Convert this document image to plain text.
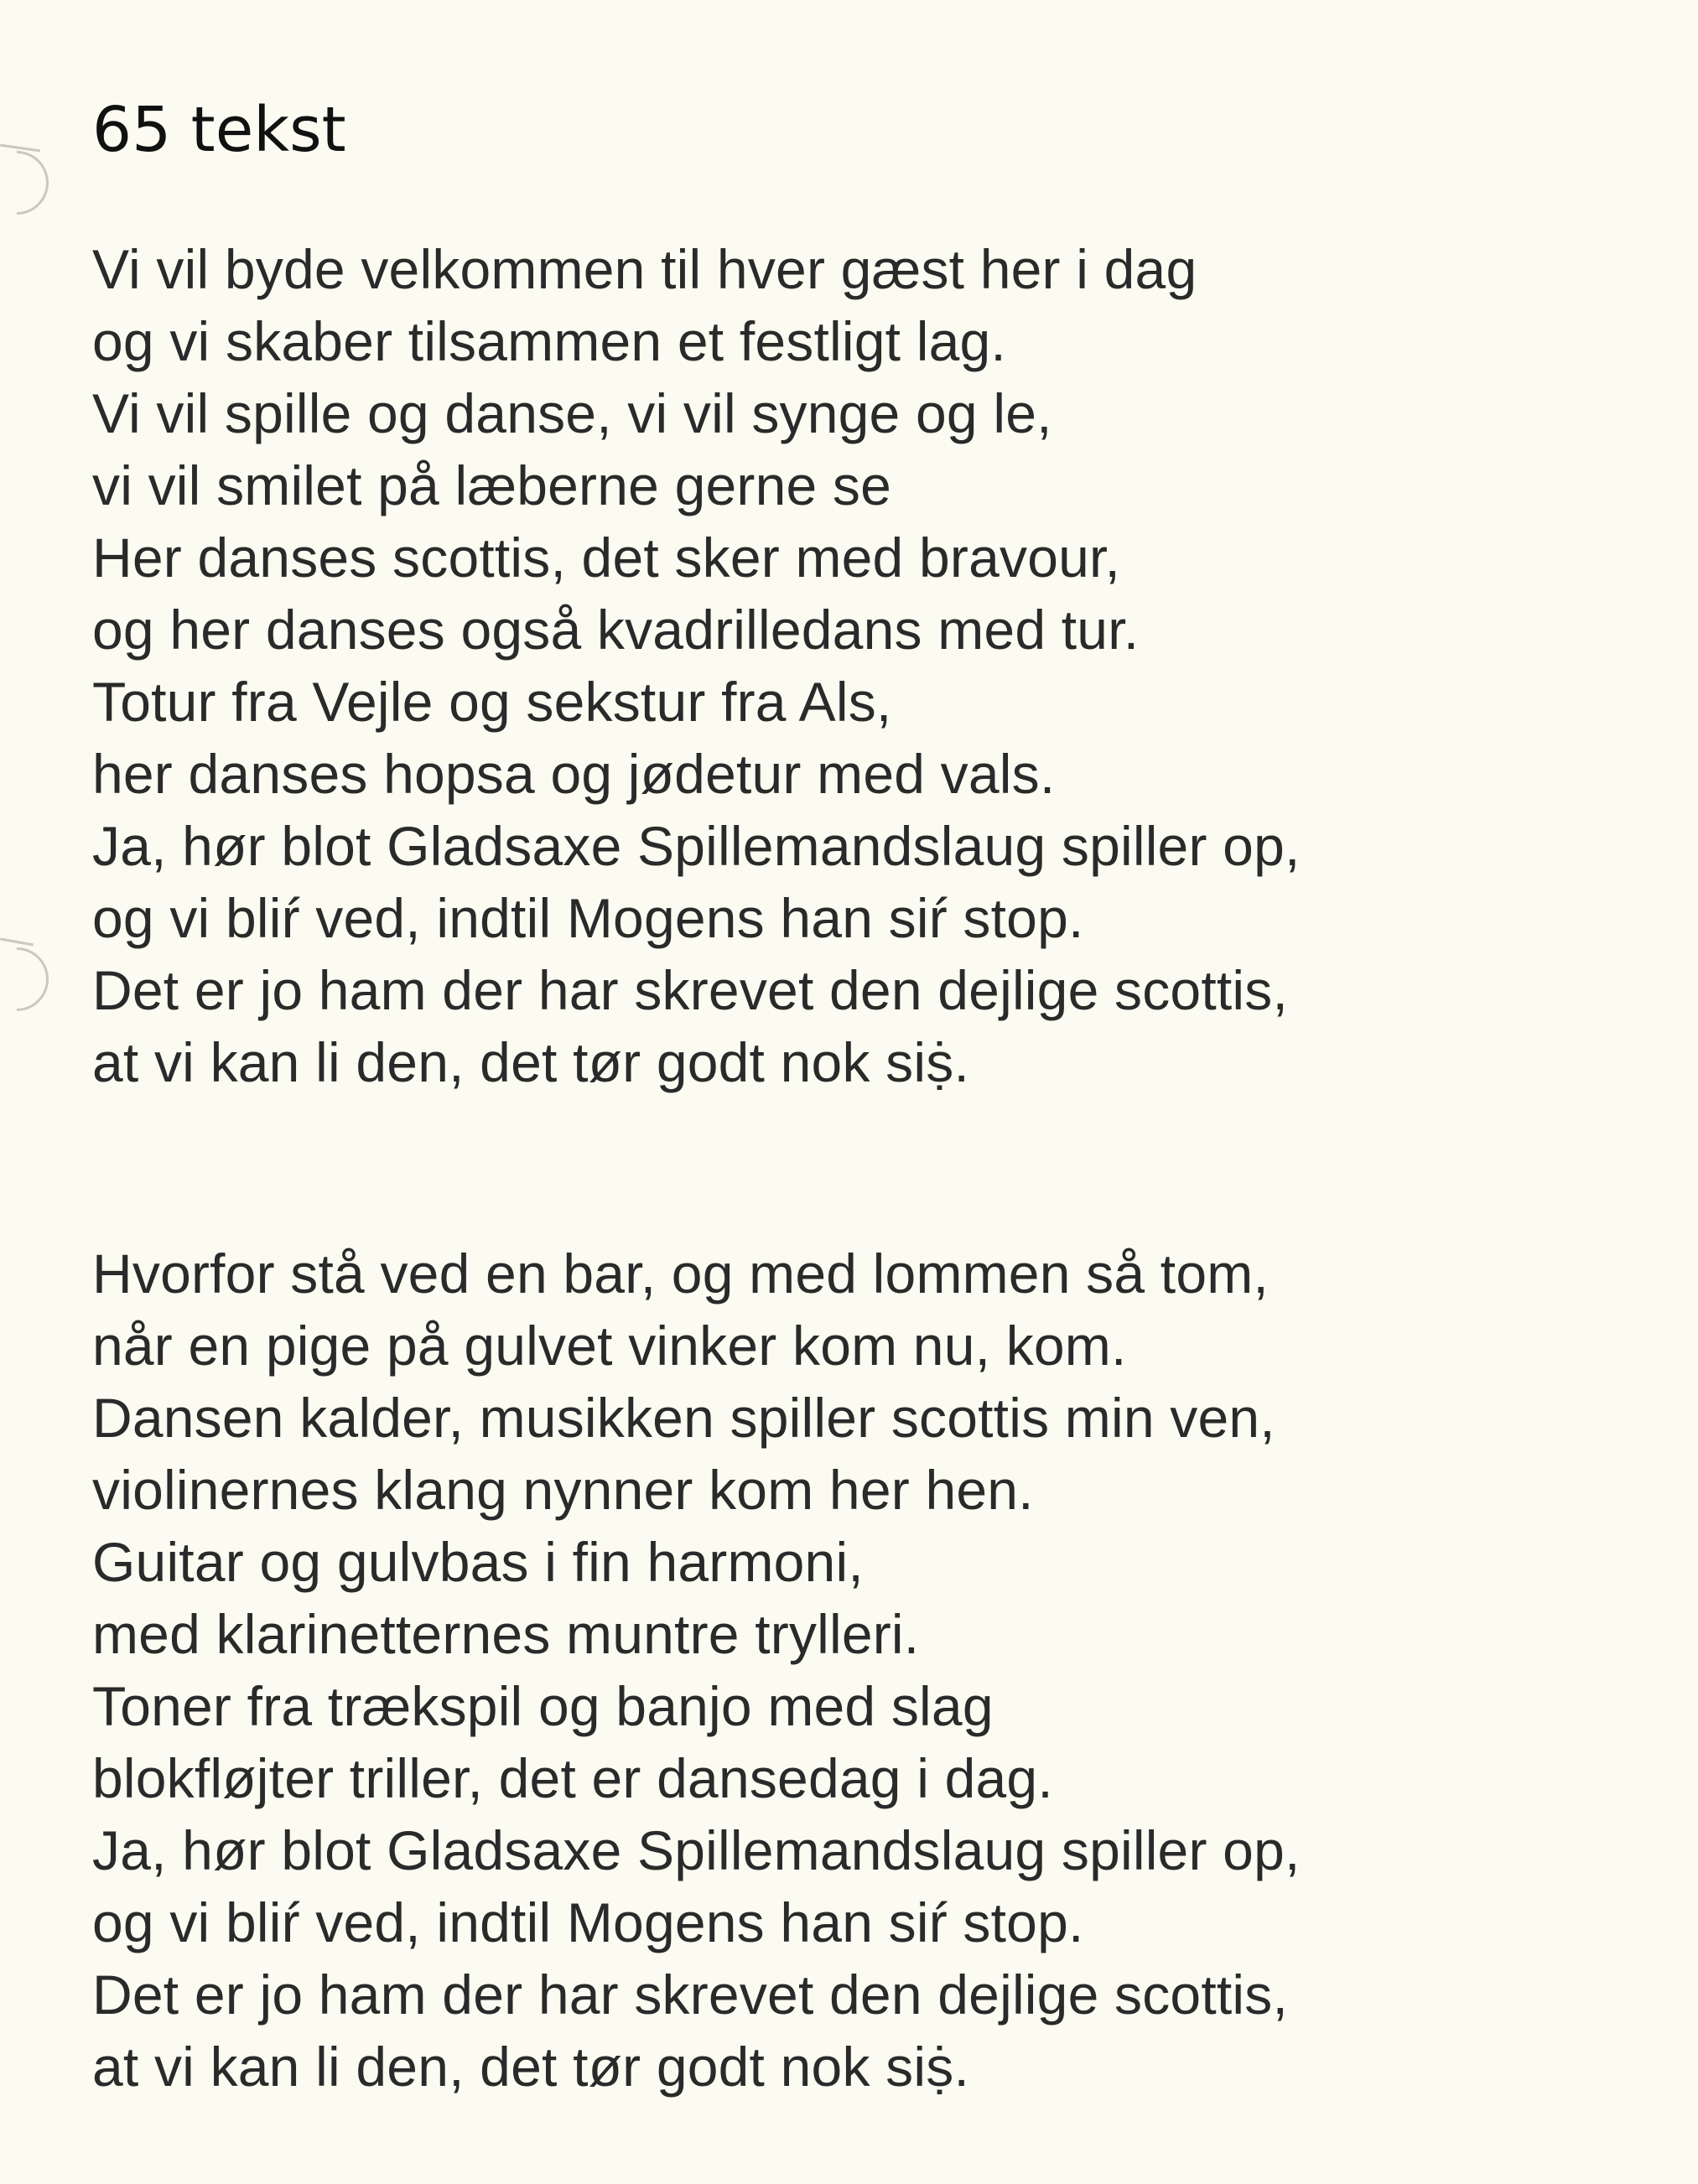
65 tekst
Vi vil byde velkommen til hver gæst her i dag
og vi skaber tilsammen et festligt lag.
Vi vil spille og danse, vi vil synge og le,
vi vil smilet på læberne gerne se
Her danses scottis, det sker med bravour,
og her danses også kvadrilledans med tur.
Totur fra Vejle og sekstur fra Als,
her danses hopsa og jødetur med vals.
Ja, hør blot Gladsaxe Spillemandslaug spiller op,
og vi bliŕ ved, indtil Mogens han siŕ stop.
Det er jo ham der har skrevet den dejlige scottis,
at vi kan li den, det tør godt nok siṩ.
Hvorfor stå ved en bar, og med lommen så tom,
når en pige på gulvet vinker kom nu, kom.
Dansen kalder, musikken spiller scottis min ven,
violinernes klang nynner kom her hen.
Guitar og gulvbas i fin harmoni,
med klarinetternes muntre trylleri.
Toner fra trækspil og banjo med slag
blokfløjter triller, det er dansedag i dag.
Ja, hør blot Gladsaxe Spillemandslaug spiller op,
og vi bliŕ ved, indtil Mogens han siŕ stop.
Det er jo ham der har skrevet den dejlige scottis,
at vi kan li den, det tør godt nok siṩ.
